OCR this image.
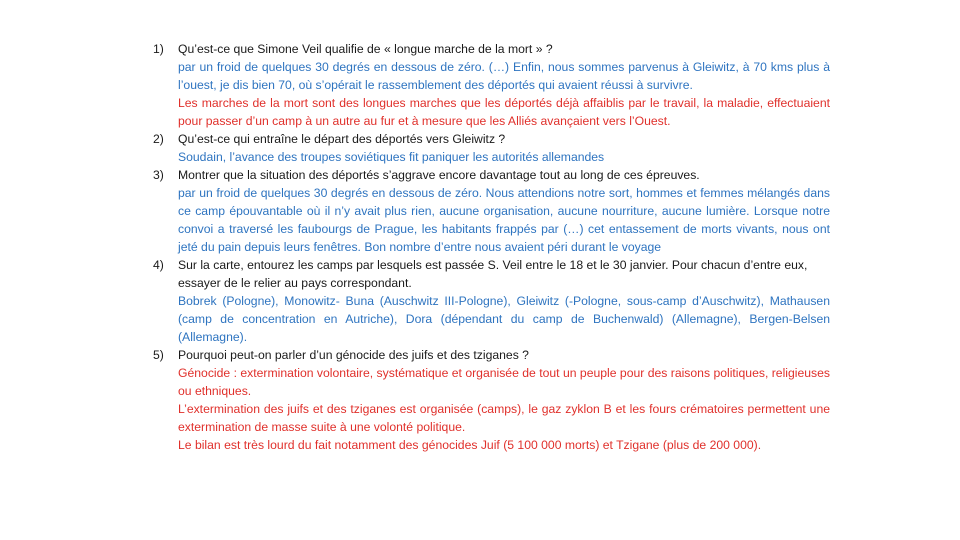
1) Qu’est-ce que Simone Veil qualifie de « longue marche de la mort » ?

par un froid de quelques 30 degrés en dessous de zéro. (…) Enfin, nous sommes parvenus à Gleiwitz, à 70 kms plus à l’ouest, je dis bien 70, où s’opérait le rassemblement des déportés qui avaient réussi à survivre.

Les marches de la mort sont des longues marches que les déportés déjà affaiblis par le travail, la maladie, effectuaient pour passer d’un camp à un autre au fur et à mesure que les Alliés avançaient vers l’Ouest.

2) Qu’est-ce qui entraîne le départ des déportés vers Gleiwitz ?

Soudain, l’avance des troupes soviétiques fit paniquer les autorités allemandes

3) Montrer que la situation des déportés s’aggrave encore davantage tout au long de ces épreuves.

par un froid de quelques 30 degrés en dessous de zéro. Nous attendions notre sort, hommes et femmes mélangés dans ce camp épouvantable où il n’y avait plus rien, aucune organisation, aucune nourriture, aucune lumière. Lorsque notre convoi a traversé les faubourgs de Prague, les habitants frappés par (…) cet entassement de morts vivants, nous ont jeté du pain depuis leurs fenêtres. Bon nombre d’entre nous avaient péri durant le voyage

4) Sur la carte, entourez les camps par lesquels est passée S. Veil entre le 18 et le 30 janvier. Pour chacun d’entre eux, essayer de le relier au pays correspondant.

Bobrek (Pologne), Monowitz- Buna (Auschwitz III-Pologne), Gleiwitz (-Pologne, sous-camp d’Auschwitz), Mathausen (camp de concentration en Autriche), Dora (dépendant du camp de Buchenwald) (Allemagne), Bergen-Belsen (Allemagne).

5) Pourquoi peut-on parler d’un génocide des juifs et des tziganes ?

Génocide : extermination volontaire, systématique et organisée de tout un peuple pour des raisons politiques, religieuses ou ethniques.

L’extermination des juifs et des tziganes est organisée (camps), le gaz zyklon B et les fours crématoires permettent une extermination de masse suite à une volonté politique.

Le bilan est très lourd du fait notamment des génocides Juif (5 100 000 morts) et Tzigane (plus de 200 000).
